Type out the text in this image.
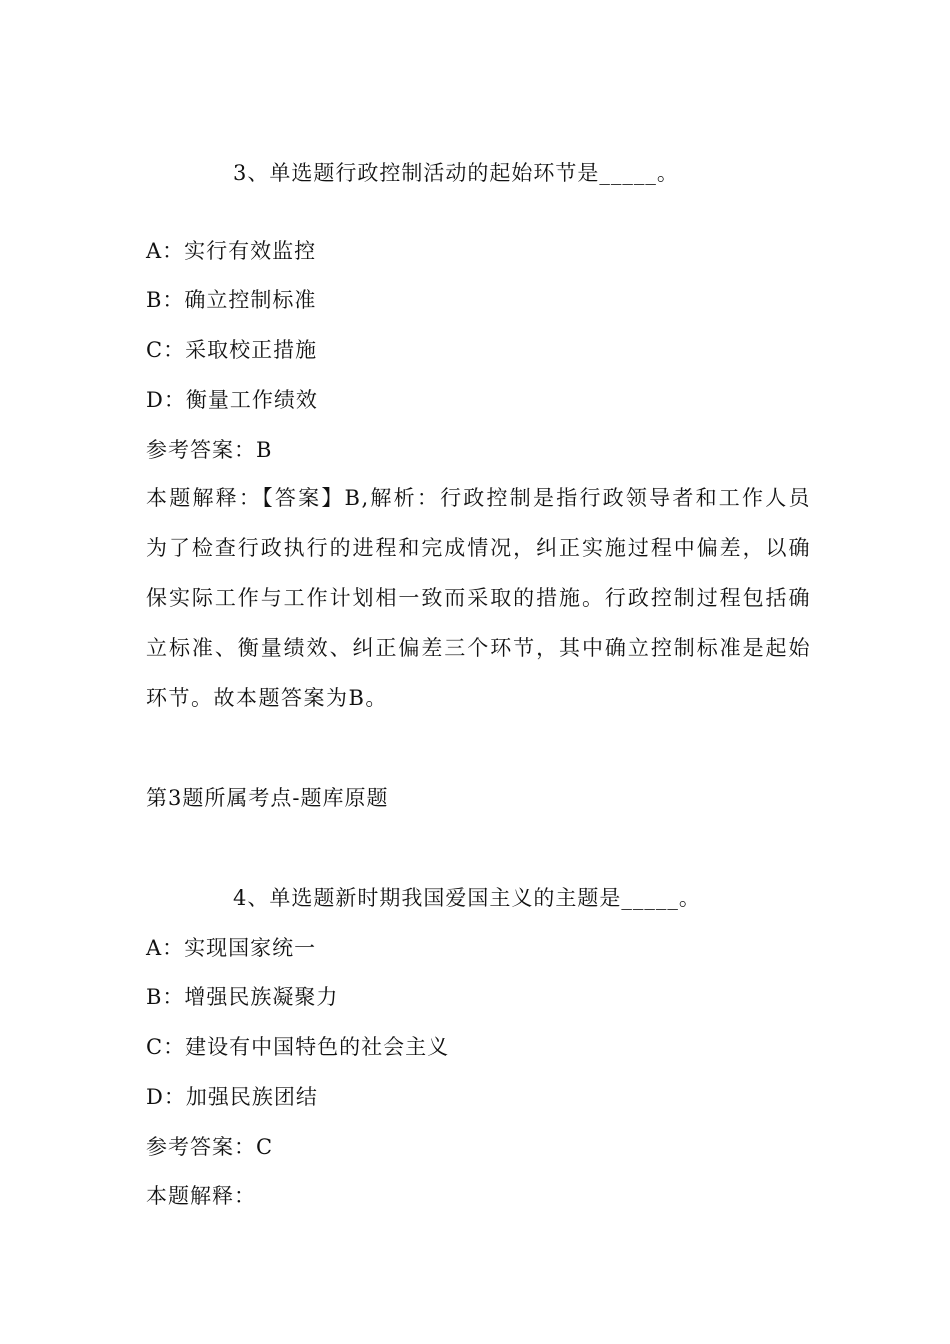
3、单选题行政控制活动的起始环节是_____。
A：实行有效监控
B：确立控制标准
C：采取校正措施
D：衡量工作绩效
参考答案：B
本题解释：【答案】B,解析：行政控制是指行政领导者和工作人员为了检查行政执行的进程和完成情况，纠正实施过程中偏差，以确保实际工作与工作计划相一致而采取的措施。行政控制过程包括确立标准、衡量绩效、纠正偏差三个环节，其中确立控制标准是起始环节。故本题答案为B。
第3题所属考点-题库原题
4、单选题新时期我国爱国主义的主题是_____。
A：实现国家统一
B：增强民族凝聚力
C：建设有中国特色的社会主义
D：加强民族团结
参考答案：C
本题解释：
